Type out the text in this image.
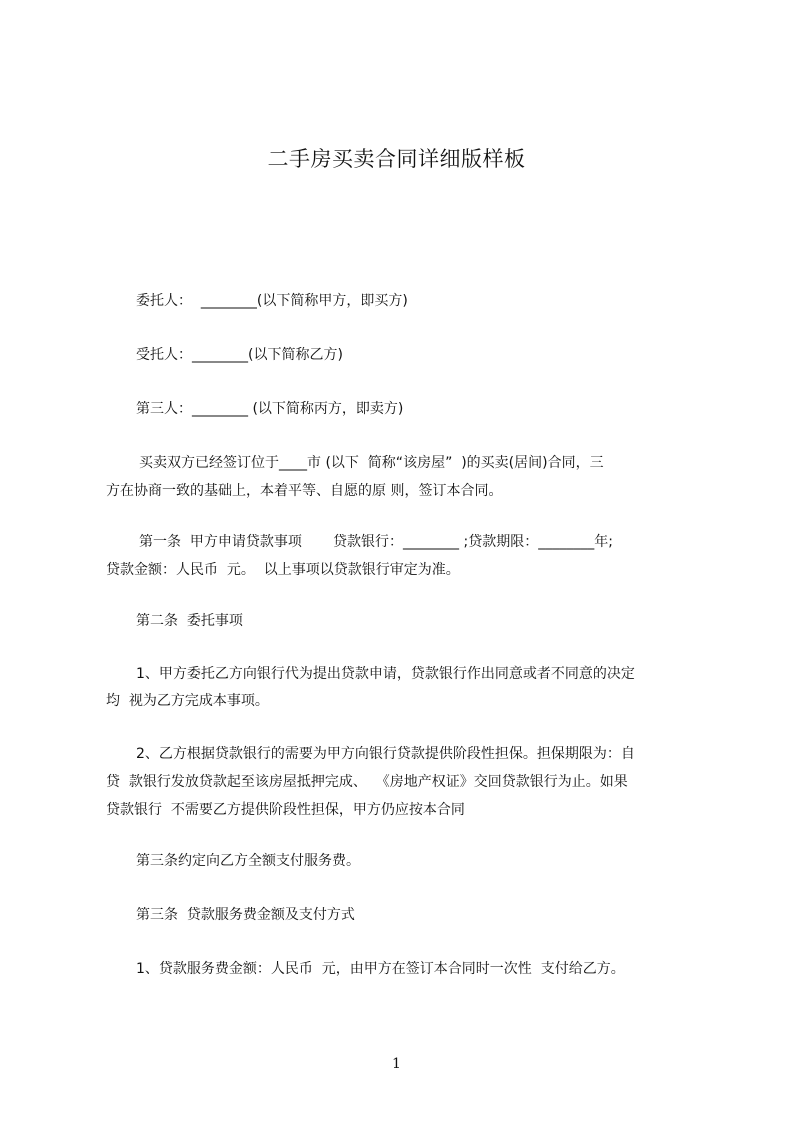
二手房买卖合同详细版样板
委托人：  ________(以下简称甲方，即买方)
受托人：________(以下简称乙方)
第三人：________ (以下简称丙方，即卖方)
买卖双方已经签订位于____市 (以下  简称“该房屋”  )的买卖(居间)合同，三
方在协商一致的基础上，本着平等、自愿的原 则，签订本合同。
第一条  甲方申请贷款事项       贷款银行：________ ;贷款期限：________年;
贷款金额：人民币  元。  以上事项以贷款银行审定为准。
第二条  委托事项
1、甲方委托乙方向银行代为提出贷款申请，贷款银行作出同意或者不同意的决定
均  视为乙方完成本事项。
2、乙方根据贷款银行的需要为甲方向银行贷款提供阶段性担保。担保期限为：自
贷  款银行发放贷款起至该房屋抵押完成、  《房地产权证》交回贷款银行为止。如果
贷款银行  不需要乙方提供阶段性担保，甲方仍应按本合同
第三条约定向乙方全额支付服务费。
第三条  贷款服务费金额及支付方式
1、贷款服务费金额：人民币  元，由甲方在签订本合同时一次性  支付给乙方。
1
